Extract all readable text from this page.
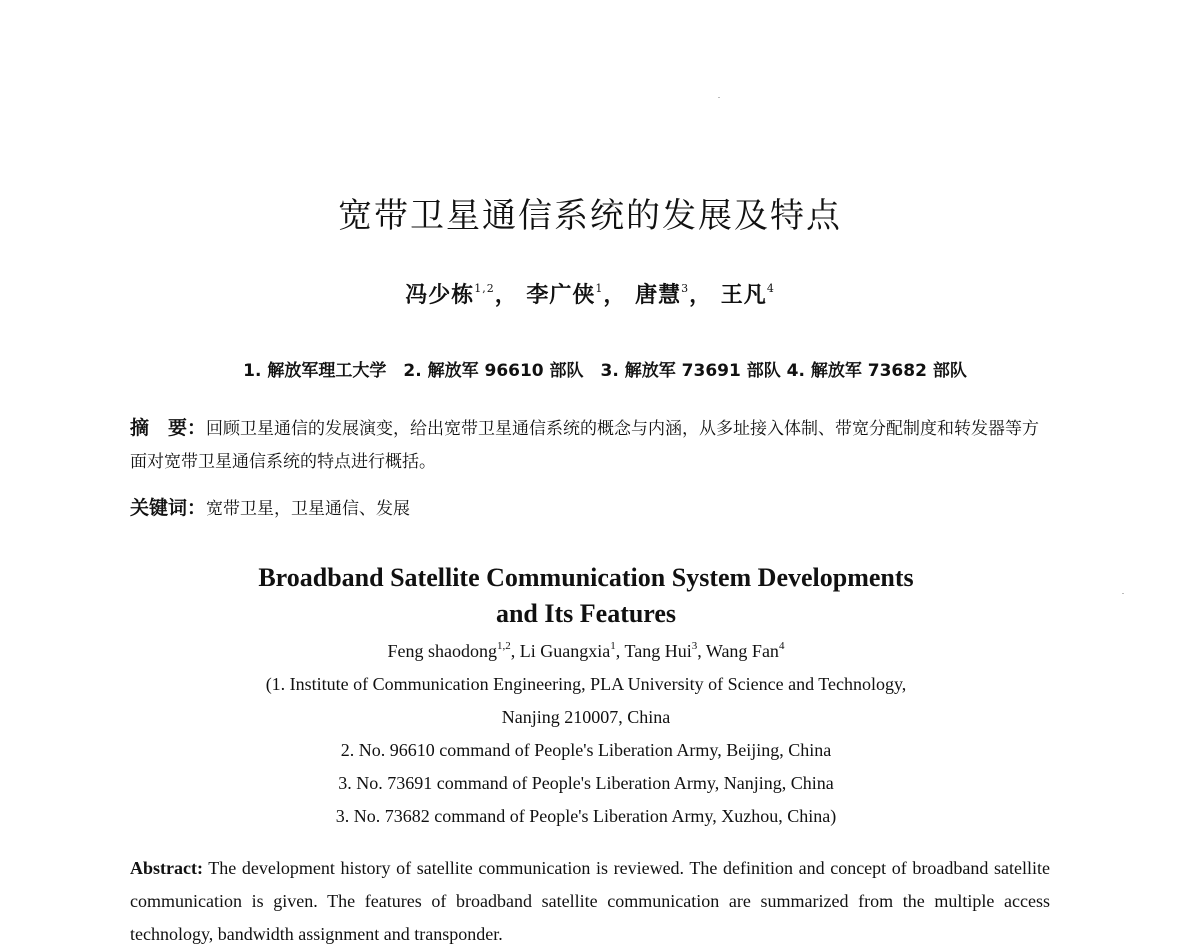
宽带卫星通信系统的发展及特点
冯少栋$^{1,2}$， 李广侠$^1$， 唐慧$^3$， 王凡$^4$
1. 解放军理工大学　2. 解放军 96610 部队　3. 解放军 73691 部队 4. 解放军 73682 部队
摘　要：回顾卫星通信的发展演变，给出宽带卫星通信系统的概念与内涵，从多址接入体制、带宽分配制度和转发器等方面对宽带卫星通信系统的特点进行概括。
关键词：宽带卫星，卫星通信、发展
Broadband Satellite Communication System Developments
and Its Features
Feng shaodong$^{1,2}$, Li Guangxia$^1$, Tang Hui$^3$, Wang Fan$^4$
(1. Institute of Communication Engineering, PLA University of Science and Technology,
Nanjing 210007, China
2. No. 96610 command of People's Liberation Army, Beijing, China
3. No. 73691 command of People's Liberation Army, Nanjing, China
3. No. 73682 command of People's Liberation Army, Xuzhou, China)
Abstract: The development history of satellite communication is reviewed. The definition and concept of broadband satellite communication is given. The features of broadband satellite communication are summarized from the multiple access technology, bandwidth assignment and transponder.
